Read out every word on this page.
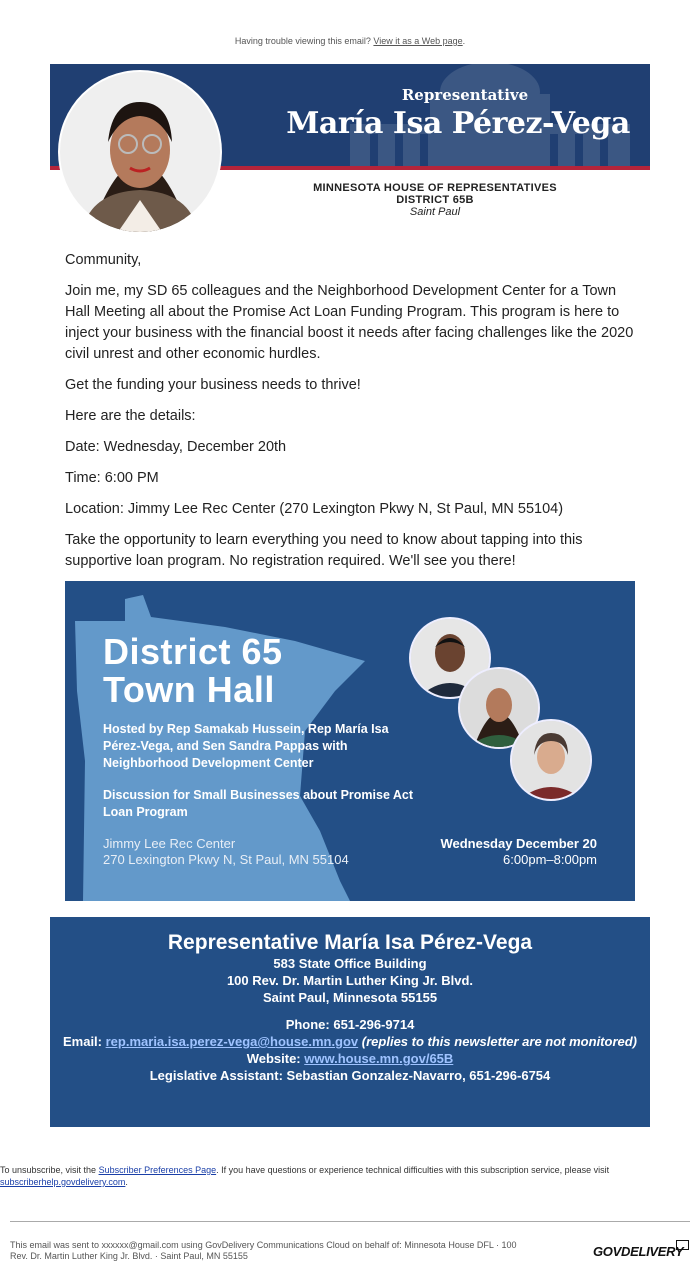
Having trouble viewing this email? View it as a Web page.
Representative
María Isa Pérez-Vega
MINNESOTA HOUSE OF REPRESENTATIVES
DISTRICT 65B
Saint Paul

Community,

Join me, my SD 65 colleagues and the Neighborhood Development Center for a Town Hall Meeting all about the Promise Act Loan Funding Program. This program is here to inject your business with the financial boost it needs after facing challenges like the 2020 civil unrest and other economic hurdles.

Get the funding your business needs to thrive!

Here are the details:

Date: Wednesday, December 20th

Time: 6:00 PM

Location: Jimmy Lee Rec Center (270 Lexington Pkwy N, St Paul, MN 55104)

Take the opportunity to learn everything you need to know about tapping into this supportive loan program. No registration required. We'll see you there!

District 65
Town Hall
Hosted by Rep Samakab Hussein, Rep María Isa Pérez-Vega, and Sen Sandra Pappas with Neighborhood Development Center
Discussion for Small Businesses about Promise Act Loan Program
Jimmy Lee Rec Center
270 Lexington Pkwy N, St Paul, MN 55104
Wednesday December 20
6:00pm–8:00pm
Representative María Isa Pérez-Vega
583 State Office Building
100 Rev. Dr. Martin Luther King Jr. Blvd.
Saint Paul, Minnesota 55155
Phone: 651-296-9714
Email: rep.maria.isa.perez-vega@house.mn.gov (replies to this newsletter are not monitored)
Website: www.house.mn.gov/65B
Legislative Assistant: Sebastian Gonzalez-Navarro, 651-296-6754
To unsubscribe, visit the Subscriber Preferences Page. If you have questions or experience technical difficulties with this subscription service, please visit subscriberhelp.govdelivery.com.
This email was sent to xxxxxx@gmail.com using GovDelivery Communications Cloud on behalf of: Minnesota House DFL · 100
Rev. Dr. Martin Luther King Jr. Blvd. · Saint Paul, MN 55155	GOVDELIVERY
